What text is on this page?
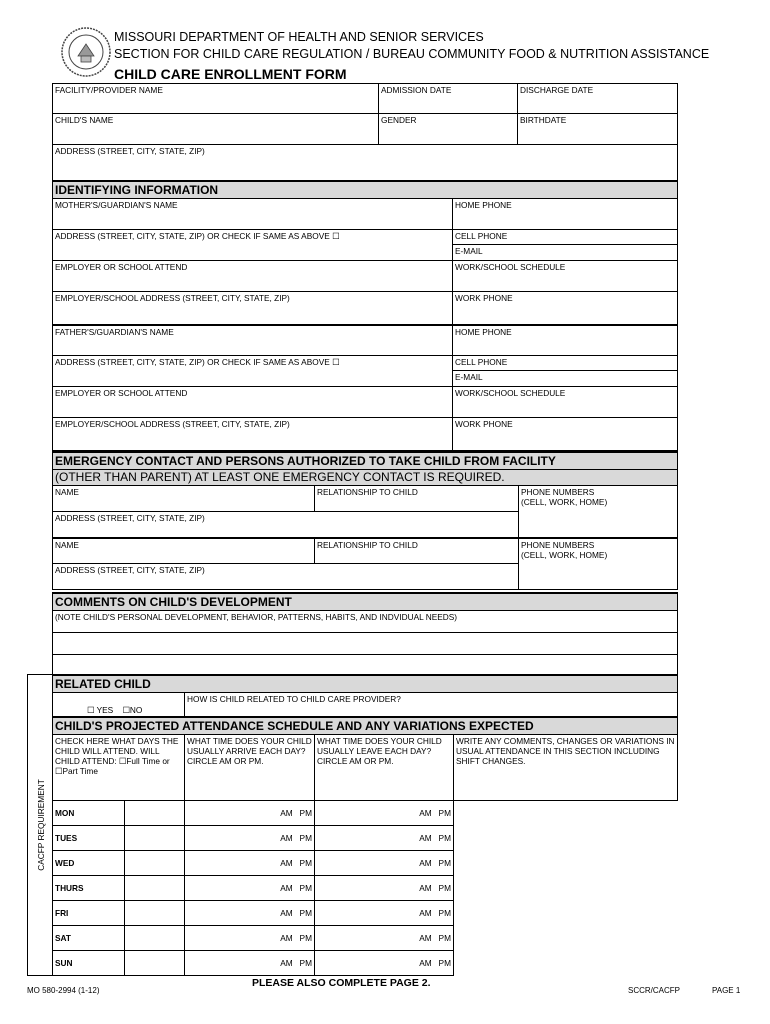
MISSOURI DEPARTMENT OF HEALTH AND SENIOR SERVICES
SECTION FOR CHILD CARE REGULATION / BUREAU COMMUNITY FOOD & NUTRITION ASSISTANCE
CHILD CARE ENROLLMENT FORM
FACILITY/PROVIDER NAME	ADMISSION DATE	DISCHARGE DATE
CHILD'S NAME	GENDER	BIRTHDATE
ADDRESS (STREET, CITY, STATE, ZIP)		
IDENTIFYING INFORMATION	
MOTHER'S/GUARDIAN'S NAME	HOME PHONE
ADDRESS (STREET, CITY, STATE, ZIP) OR CHECK IF SAME AS ABOVE ☐	CELL PHONE
	E-MAIL
EMPLOYER OR SCHOOL ATTEND	WORK/SCHOOL SCHEDULE
EMPLOYER/SCHOOL ADDRESS (STREET, CITY, STATE, ZIP)	WORK PHONE
FATHER'S/GUARDIAN'S NAME	HOME PHONE
ADDRESS (STREET, CITY, STATE, ZIP) OR CHECK IF SAME AS ABOVE ☐	CELL PHONE
	E-MAIL
EMPLOYER OR SCHOOL ATTEND	WORK/SCHOOL SCHEDULE
EMPLOYER/SCHOOL ADDRESS (STREET, CITY, STATE, ZIP)	WORK PHONE
EMERGENCY CONTACT AND PERSONS AUTHORIZED TO TAKE CHILD FROM FACILITY		
(OTHER THAN PARENT) AT LEAST ONE EMERGENCY CONTACT IS REQUIRED.		
NAME	RELATIONSHIP TO CHILD	PHONE NUMBERS
(CELL, WORK, HOME)

ADDRESS (STREET, CITY, STATE, ZIP)		
NAME	RELATIONSHIP TO CHILD	PHONE NUMBERS
(CELL, WORK, HOME)

ADDRESS (STREET, CITY, STATE, ZIP)		
COMMENTS ON CHILD'S DEVELOPMENT
(NOTE CHILD'S PERSONAL DEVELOPMENT, BEHAVIOR, PATTERNS, HABITS, AND INDVIDUAL NEEDS)

CACFP REQUIREMENT
RELATED CHILD
☐ YES ☐NO	HOW IS CHILD RELATED TO CHILD CARE PROVIDER?
CHILD'S PROJECTED ATTENDANCE SCHEDULE AND ANY VARIATIONS EXPECTED				
CHECK HERE WHAT DAYS THE CHILD WILL ATTEND. WILL CHILD ATTEND: ☐Full Time or ☐Part Time		WHAT TIME DOES YOUR CHILD USUALLY ARRIVE EACH DAY? CIRCLE AM OR PM.	WHAT TIME DOES YOUR CHILD USUALLY LEAVE EACH DAY? CIRCLE AM OR PM.	WRITE ANY COMMENTS, CHANGES OR VARIATIONS IN USUAL ATTENDANCE IN THIS SECTION INCLUDING SHIFT CHANGES.
MON		AM   PM	AM   PM	
TUES		AM   PM	AM   PM	
WED		AM   PM	AM   PM	
THURS		AM   PM	AM   PM	
FRI		AM   PM	AM   PM	
SAT		AM   PM	AM   PM	
SUN		AM   PM	AM   PM	
MO 580-2994 (1-12)
PLEASE ALSO COMPLETE PAGE 2.
SCCR/CACFP	PAGE 1
